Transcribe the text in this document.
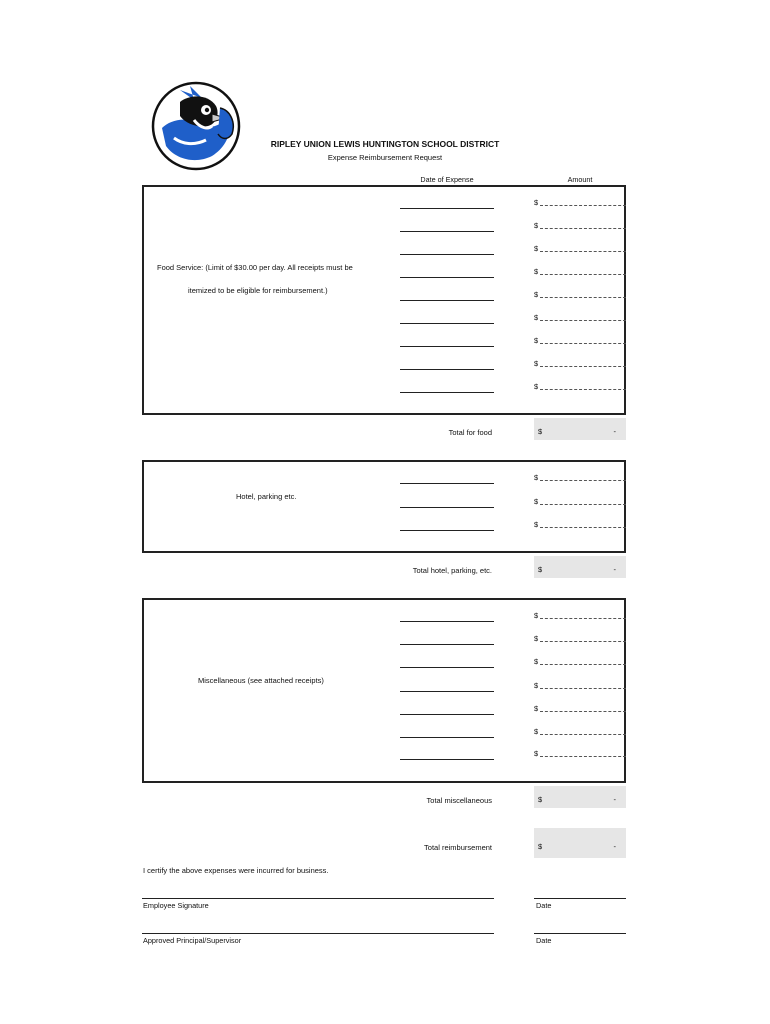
RIPLEY UNION LEWIS HUNTINGTON SCHOOL DISTRICT
Expense Reimbursement Request
Date of Expense	Amount
Food Service: (Limit of $30.00 per day. All receipts must be
itemized to be eligible for reimbursement.)
$
$
$
$
$
$
$
$
$
Total for food	$	-
Hotel, parking etc.
$
$
$
Total hotel, parking, etc.	$	-
Miscellaneous (see attached receipts)
$
$
$
$
$
$
$
Total miscellaneous	$	-
Total reimbursement	$	-
I certify the above expenses were incurred for business.
Employee Signature	Date
Approved Principal/Supervisor	Date
